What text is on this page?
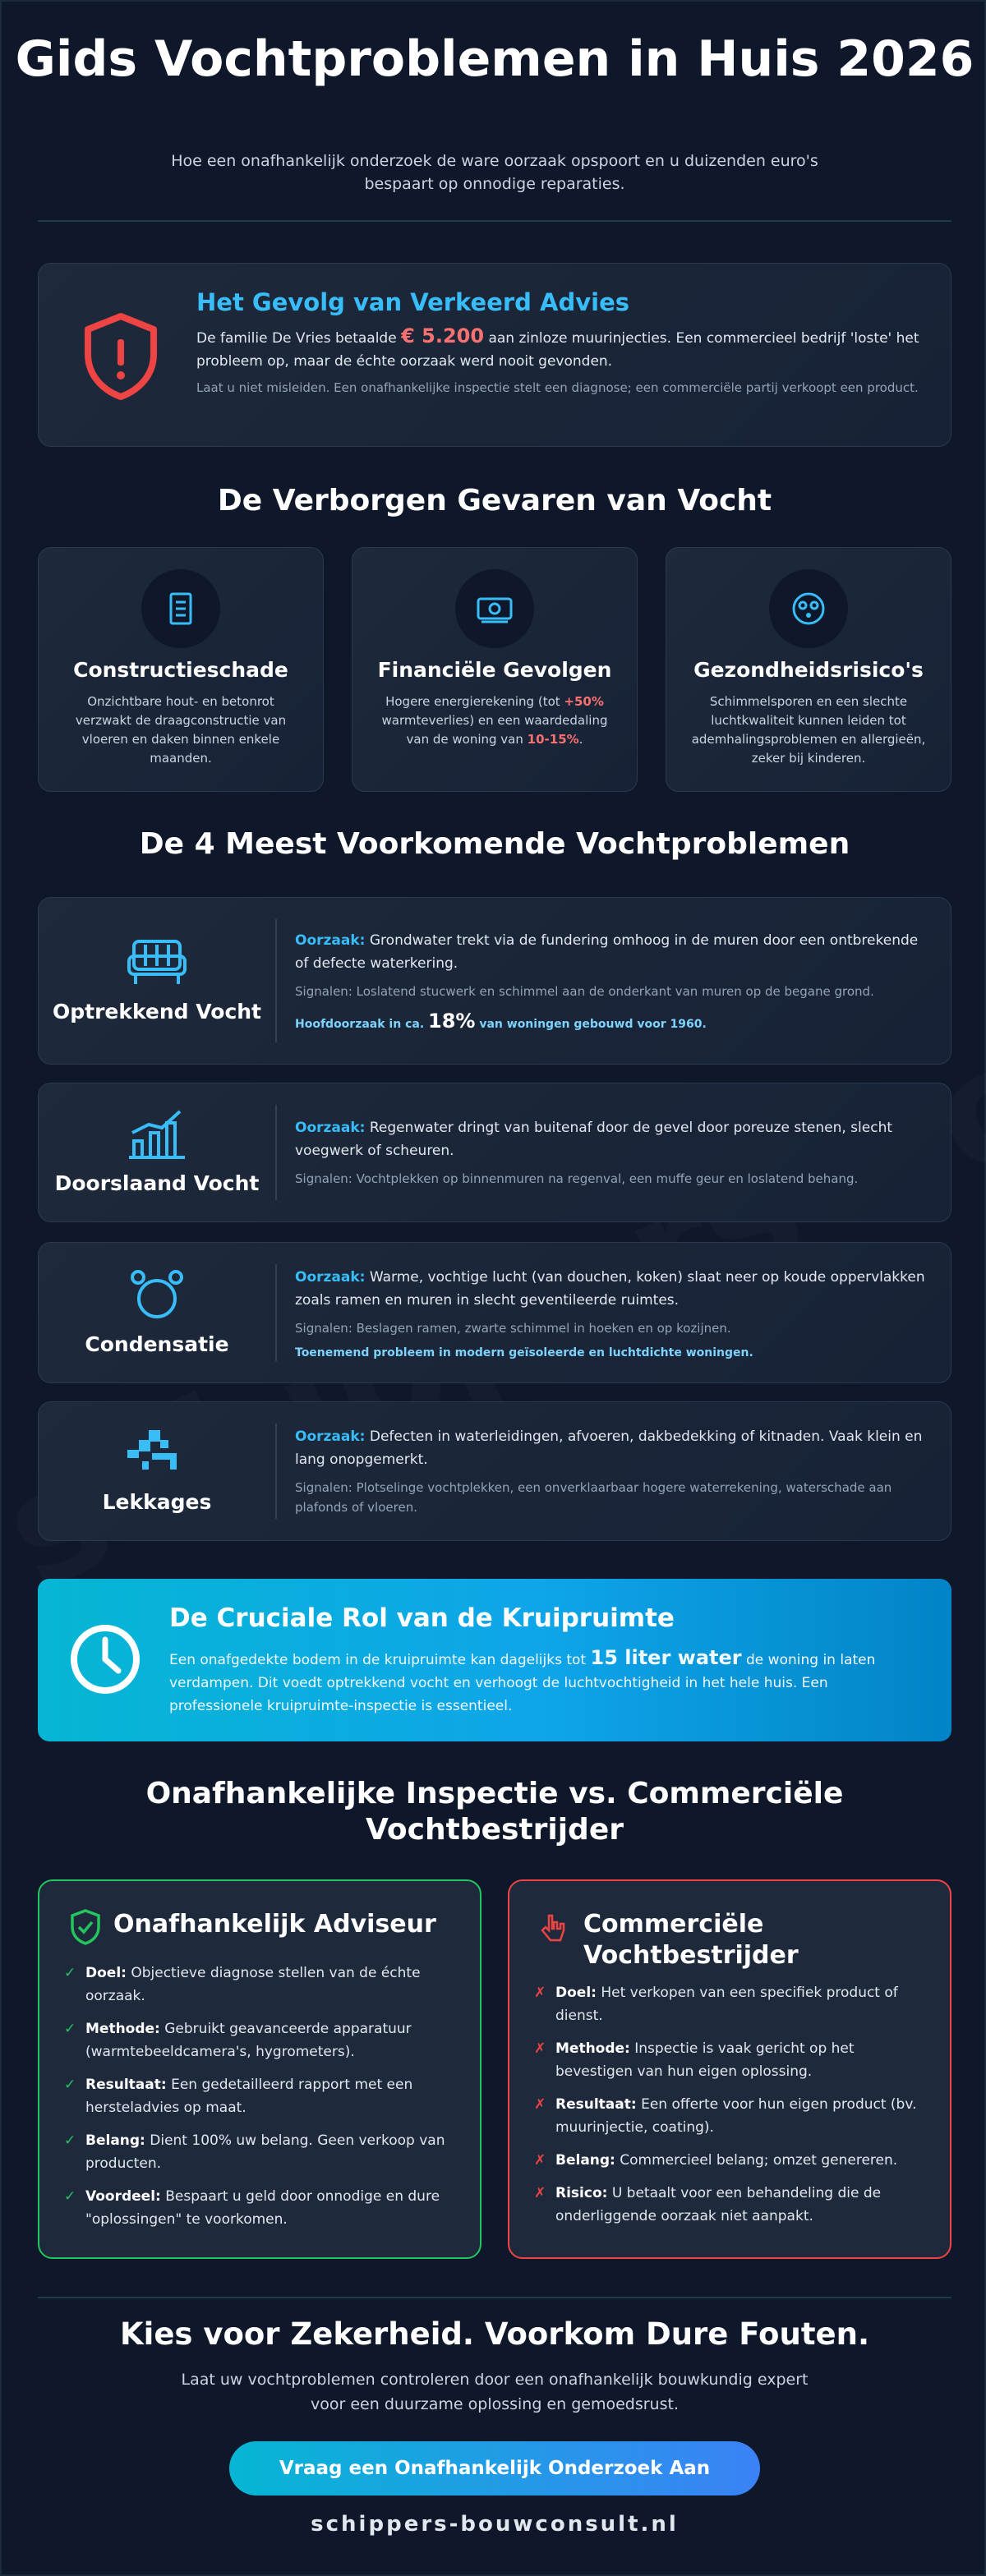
Gids Vochtproblemen in Huis 2026
Hoe een onafhankelijk onderzoek de ware oorzaak opspoort en u duizenden euro's bespaart op onnodige reparaties.
Het Gevolg van Verkeerd Advies
De familie De Vries betaalde € 5.200 aan zinloze muurinjecties. Een commercieel bedrijf 'loste' het probleem op, maar de échte oorzaak werd nooit gevonden.
Laat u niet misleiden. Een onafhankelijke inspectie stelt een diagnose; een commerciële partij verkoopt een product.
De Verborgen Gevaren van Vocht
Constructieschade
Onzichtbare hout- en betonrot verzwakt de draagconstructie van vloeren en daken binnen enkele maanden.
Financiële Gevolgen
Hogere energierekening (tot +50% warmteverlies) en een waardedaling van de woning van 10-15%.
Gezondheidsrisico's
Schimmelsporen en een slechte luchtkwaliteit kunnen leiden tot ademhalingsproblemen en allergieën, zeker bij kinderen.
De 4 Meest Voorkomende Vochtproblemen
Optrekkend Vocht
Oorzaak: Grondwater trekt via de fundering omhoog in de muren door een ontbrekende of defecte waterkering.
Signalen: Loslatend stucwerk en schimmel aan de onderkant van muren op de begane grond.
Hoofdoorzaak in ca. 18% van woningen gebouwd voor 1960.
Doorslaand Vocht
Oorzaak: Regenwater dringt van buitenaf door de gevel door poreuze stenen, slecht voegwerk of scheuren.
Signalen: Vochtplekken op binnenmuren na regenval, een muffe geur en loslatend behang.
Condensatie
Oorzaak: Warme, vochtige lucht (van douchen, koken) slaat neer op koude oppervlakken zoals ramen en muren in slecht geventileerde ruimtes.
Signalen: Beslagen ramen, zwarte schimmel in hoeken en op kozijnen.
Toenemend probleem in modern geïsoleerde en luchtdichte woningen.
Lekkages
Oorzaak: Defecten in waterleidingen, afvoeren, dakbedekking of kitnaden. Vaak klein en lang onopgemerkt.
Signalen: Plotselinge vochtplekken, een onverklaarbaar hogere waterrekening, waterschade aan plafonds of vloeren.
De Cruciale Rol van de Kruipruimte
Een onafgedekte bodem in de kruipruimte kan dagelijks tot 15 liter water de woning in laten verdampen. Dit voedt optrekkend vocht en verhoogt de luchtvochtigheid in het hele huis. Een professionele kruipruimte-inspectie is essentieel.
Onafhankelijke Inspectie vs. Commerciële Vochtbestrijder
Onafhankelijk Adviseur
✓ Doel: Objectieve diagnose stellen van de échte oorzaak.
✓ Methode: Gebruikt geavanceerde apparatuur (warmtebeeldcamera's, hygrometers).
✓ Resultaat: Een gedetailleerd rapport met een hersteladvies op maat.
✓ Belang: Dient 100% uw belang. Geen verkoop van producten.
✓ Voordeel: Bespaart u geld door onnodige en dure "oplossingen" te voorkomen.
Commerciële Vochtbestrijder
✗ Doel: Het verkopen van een specifiek product of dienst.
✗ Methode: Inspectie is vaak gericht op het bevestigen van hun eigen oplossing.
✗ Resultaat: Een offerte voor hun eigen product (bv. muurinjectie, coating).
✗ Belang: Commercieel belang; omzet genereren.
✗ Risico: U betaalt voor een behandeling die de onderliggende oorzaak niet aanpakt.
Kies voor Zekerheid. Voorkom Dure Fouten.
Laat uw vochtproblemen controleren door een onafhankelijk bouwkundig expert voor een duurzame oplossing en gemoedsrust.
Vraag een Onafhankelijk Onderzoek Aan
schippers-bouwconsult.nl
